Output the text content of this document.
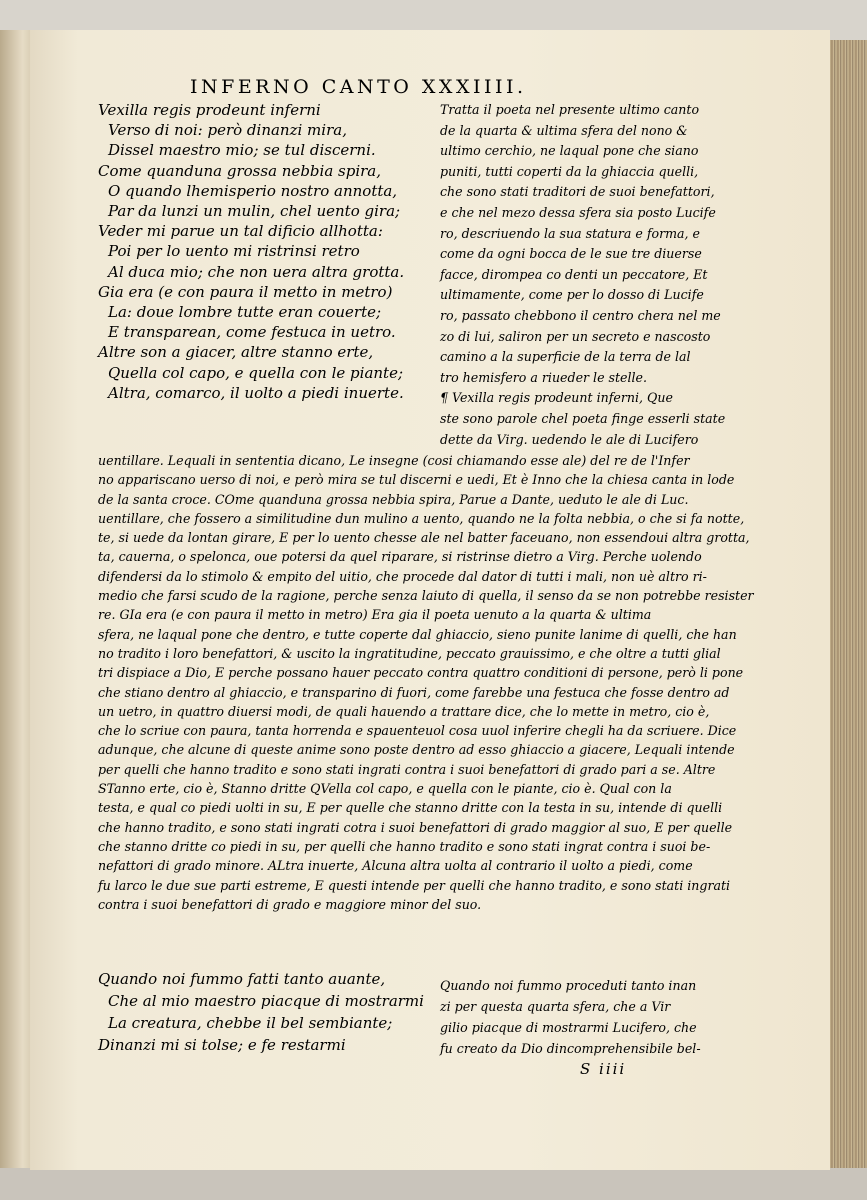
INFERNO CANTO XXXIIII.
Vexilla regis prodeunt inferni
Verso di noi: però dinanzi mira,
Dissel maestro mio; se tul discerni.
Come quanduna grossa nebbia spira,
O quando lhemisperio nostro annotta,
Par da lunzi un mulin, chel uento gira;
Veder mi parue un tal dificio allhotta:
Poi per lo uento mi ristrinsi retro
Al duca mio; che non uera altra grotta.
Gia era (e con paura il metto in metro)
La: doue lombre tutte eran couerte;
E transparean, come festuca in uetro.
Altre son a giacer, altre stanno erte,
Quella col capo, e quella con le piante;
Altra, comarco, il uolto a piedi inuerte.
Tratta il poeta nel presente ultimo canto
de la quarta & ultima sfera del nono &
ultimo cerchio, ne laqual pone che siano
puniti, tutti coperti da la ghiaccia quelli,
che sono stati traditori de suoi benefattori,
e che nel mezo dessa sfera sia posto Lucife
ro, descriuendo la sua statura e forma, e
come da ogni bocca de le sue tre diuerse
facce, dirompea co denti un peccatore, Et
ultimamente, come per lo dosso di Lucife
ro, passato chebbono il centro chera nel me
zo di lui, saliron per un secreto e nascosto
camino a la superficie de la terra de lal
tro hemisfero a riueder le stelle.
¶ Vexilla regis prodeunt inferni, Que
ste sono parole chel poeta finge esserli state
dette da Virg. uedendo le ale di Lucifero
uentillare. Lequali in sententia dicano, Le insegne (cosi chiamando esse ale) del re de l'Infer
no appariscano uerso di noi, e però mira se tul discerni e uedi, Et è Inno che la chiesa canta in lode
de la santa croce. COme quanduna grossa nebbia spira, Parue a Dante, ueduto le ale di Luc.
uentillare, che fossero a similitudine dun mulino a uento, quando ne la folta nebbia, o che si fa notte,
te, si uede da lontan girare, E per lo uento chesse ale nel batter faceuano, non essendoui altra grotta,
ta, cauerna, o spelonca, oue potersi da quel riparare, si ristrinse dietro a Virg. Perche uolendo
difendersi da lo stimolo & empito del uitio, che procede dal dator di tutti i mali, non uè altro ri-
medio che farsi scudo de la ragione, perche senza laiuto di quella, il senso da se non potrebbe resister
re. GIa era (e con paura il metto in metro) Era gia il poeta uenuto a la quarta & ultima
sfera, ne laqual pone che dentro, e tutte coperte dal ghiaccio, sieno punite lanime di quelli, che han
no tradito i loro benefattori, & uscito la ingratitudine, peccato grauissimo, e che oltre a tutti glial
tri dispiace a Dio, E perche possano hauer peccato contra quattro conditioni di persone, però li pone
che stiano dentro al ghiaccio, e transparino di fuori, come farebbe una festuca che fosse dentro ad
un uetro, in quattro diuersi modi, de quali hauendo a trattare dice, che lo mette in metro, cio è,
che lo scriue con paura, tanta horrenda e spauenteuol cosa uuol inferire chegli ha da scriuere. Dice
adunque, che alcune di queste anime sono poste dentro ad esso ghiaccio a giacere, Lequali intende
per quelli che hanno tradito e sono stati ingrati contra i suoi benefattori di grado pari a se. Altre
STanno erte, cio è, Stanno dritte QVella col capo, e quella con le piante, cio è. Qual con la
testa, e qual co piedi uolti in su, E per quelle che stanno dritte con la testa in su, intende di quelli
che hanno tradito, e sono stati ingrati cotra i suoi benefattori di grado maggior al suo, E per quelle
che stanno dritte co piedi in su, per quelli che hanno tradito e sono stati ingrat contra i suoi be-
nefattori di grado minore. ALtra inuerte, Alcuna altra uolta al contrario il uolto a piedi, come
fu larco le due sue parti estreme, E questi intende per quelli che hanno tradito, e sono stati ingrati
contra i suoi benefattori di grado e maggiore minor del suo.
Quando noi fummo fatti tanto auante,
Che al mio maestro piacque di mostrarmi
La creatura, chebbe il bel sembiante;
Dinanzi mi si tolse; e fe restarmi
Quando noi fummo proceduti tanto inan
zi per questa quarta sfera, che a Vir
gilio piacque di mostrarmi Lucifero, che
fu creato da Dio dincomprehensibile bel-
S iiii
